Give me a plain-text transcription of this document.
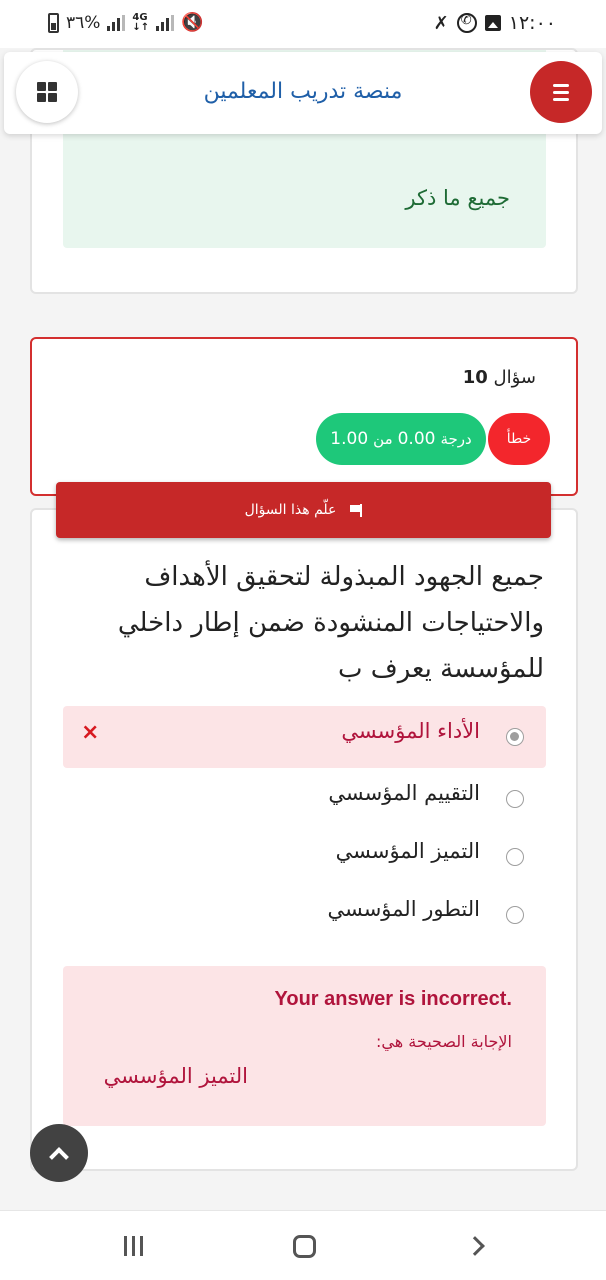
٣٦%	4G
↓↑ 🔇	✗
✆	١٢:٠٠
جميع ما ذكر
منصة تدريب المعلمين
سؤال 10
خطأ
درجة
0.00
من
1.00
جميع الجهود المبذولة لتحقيق الأهداف والاحتياجات المنشودة ضمن إطار داخلي للمؤسسة يعرف ب
الأداء المؤسسي
×
التقييم المؤسسي
التميز المؤسسي
التطور المؤسسي
Your answer is incorrect.
الإجابة الصحيحة هي:
التميز المؤسسي
علّم هذا السؤال
